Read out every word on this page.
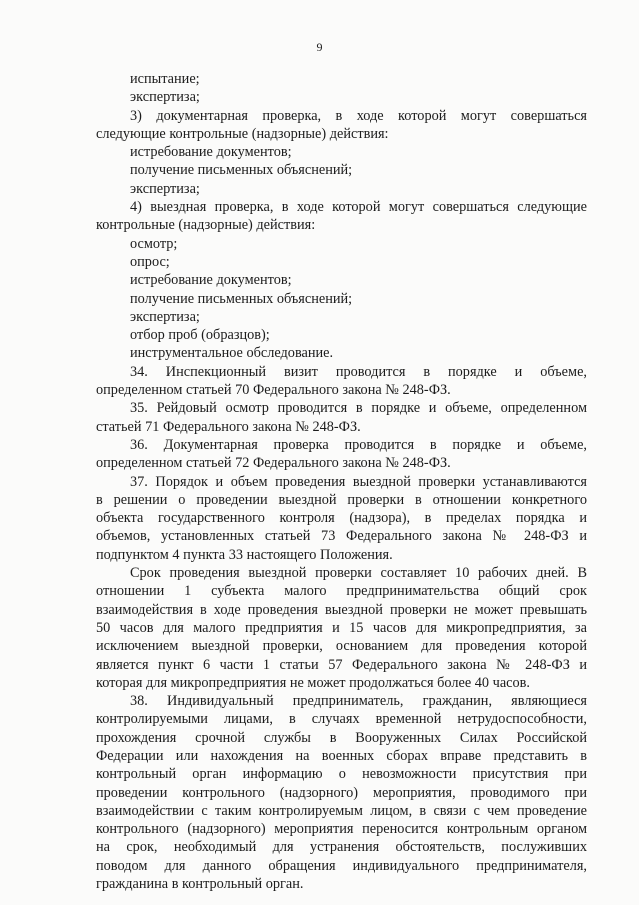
9
испытание;
экспертиза;
3) документарная проверка, в ходе которой могут совершаться
следующие контрольные (надзорные) действия:
истребование документов;
получение письменных объяснений;
экспертиза;
4) выездная проверка, в ходе которой могут совершаться следующие
контрольные (надзорные) действия:
осмотр;
опрос;
истребование документов;
получение письменных объяснений;
экспертиза;
отбор проб (образцов);
инструментальное обследование.
34. Инспекционный визит проводится в порядке и объеме,
определенном статьей 70 Федерального закона № 248-ФЗ.
35. Рейдовый осмотр проводится в порядке и объеме, определенном
статьей 71 Федерального закона № 248-ФЗ.
36. Документарная проверка проводится в порядке и объеме,
определенном статьей 72 Федерального закона № 248-ФЗ.
37. Порядок и объем проведения выездной проверки устанавливаются
в решении о проведении выездной проверки в отношении конкретного
объекта государственного контроля (надзора), в пределах порядка и
объемов, установленных статьей 73 Федерального закона № 248-ФЗ и
подпунктом 4 пункта 33 настоящего Положения.
Срок проведения выездной проверки составляет 10 рабочих дней. В
отношении 1 субъекта малого предпринимательства общий срок
взаимодействия в ходе проведения выездной проверки не может превышать
50 часов для малого предприятия и 15 часов для микропредприятия, за
исключением выездной проверки, основанием для проведения которой
является пункт 6 части 1 статьи 57 Федерального закона № 248-ФЗ и
которая для микропредприятия не может продолжаться более 40 часов.
38. Индивидуальный предприниматель, гражданин, являющиеся
контролируемыми лицами, в случаях временной нетрудоспособности,
прохождения срочной службы в Вооруженных Силах Российской
Федерации или нахождения на военных сборах вправе представить в
контрольный орган информацию о невозможности присутствия при
проведении контрольного (надзорного) мероприятия, проводимого при
взаимодействии с таким контролируемым лицом, в связи с чем проведение
контрольного (надзорного) мероприятия переносится контрольным органом
на срок, необходимый для устранения обстоятельств, послуживших
поводом для данного обращения индивидуального предпринимателя,
гражданина в контрольный орган.
